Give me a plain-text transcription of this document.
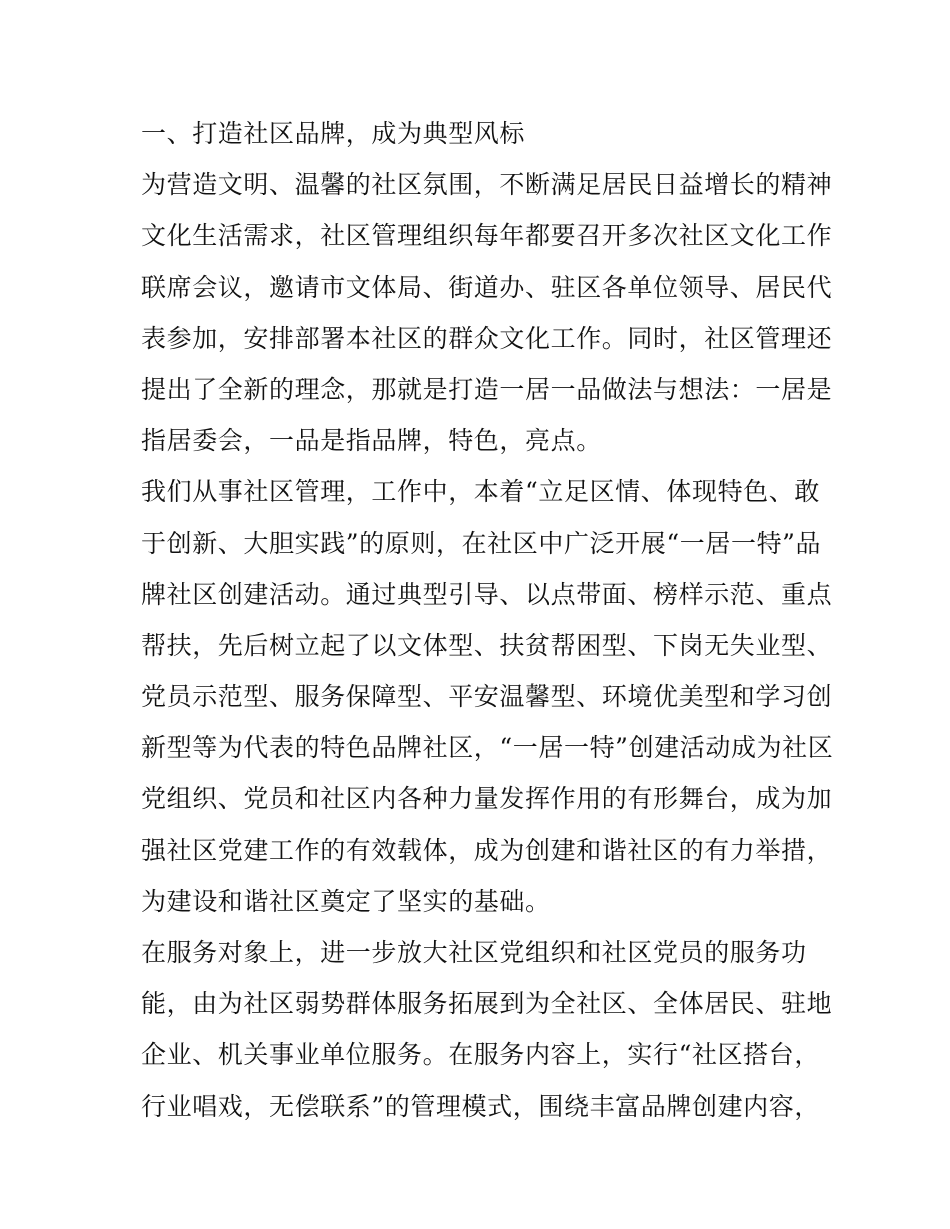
一、打造社区品牌，成为典型风标
为营造文明、温馨的社区氛围，不断满足居民日益增长的精神
文化生活需求，社区管理组织每年都要召开多次社区文化工作
联席会议，邀请市文体局、街道办、驻区各单位领导、居民代
表参加，安排部署本社区的群众文化工作。同时，社区管理还
提出了全新的理念，那就是打造一居一品做法与想法：一居是
指居委会，一品是指品牌，特色，亮点。
我们从事社区管理，工作中，本着“立足区情、体现特色、敢
于创新、大胆实践”的原则，在社区中广泛开展“一居一特”品
牌社区创建活动。通过典型引导、以点带面、榜样示范、重点
帮扶，先后树立起了以文体型、扶贫帮困型、下岗无失业型、
党员示范型、服务保障型、平安温馨型、环境优美型和学习创
新型等为代表的特色品牌社区，“一居一特”创建活动成为社区
党组织、党员和社区内各种力量发挥作用的有形舞台，成为加
强社区党建工作的有效载体，成为创建和谐社区的有力举措，
为建设和谐社区奠定了坚实的基础。
在服务对象上，进一步放大社区党组织和社区党员的服务功
能，由为社区弱势群体服务拓展到为全社区、全体居民、驻地
企业、机关事业单位服务。在服务内容上，实行“社区搭台，
行业唱戏，无偿联系”的管理模式，围绕丰富品牌创建内容，
